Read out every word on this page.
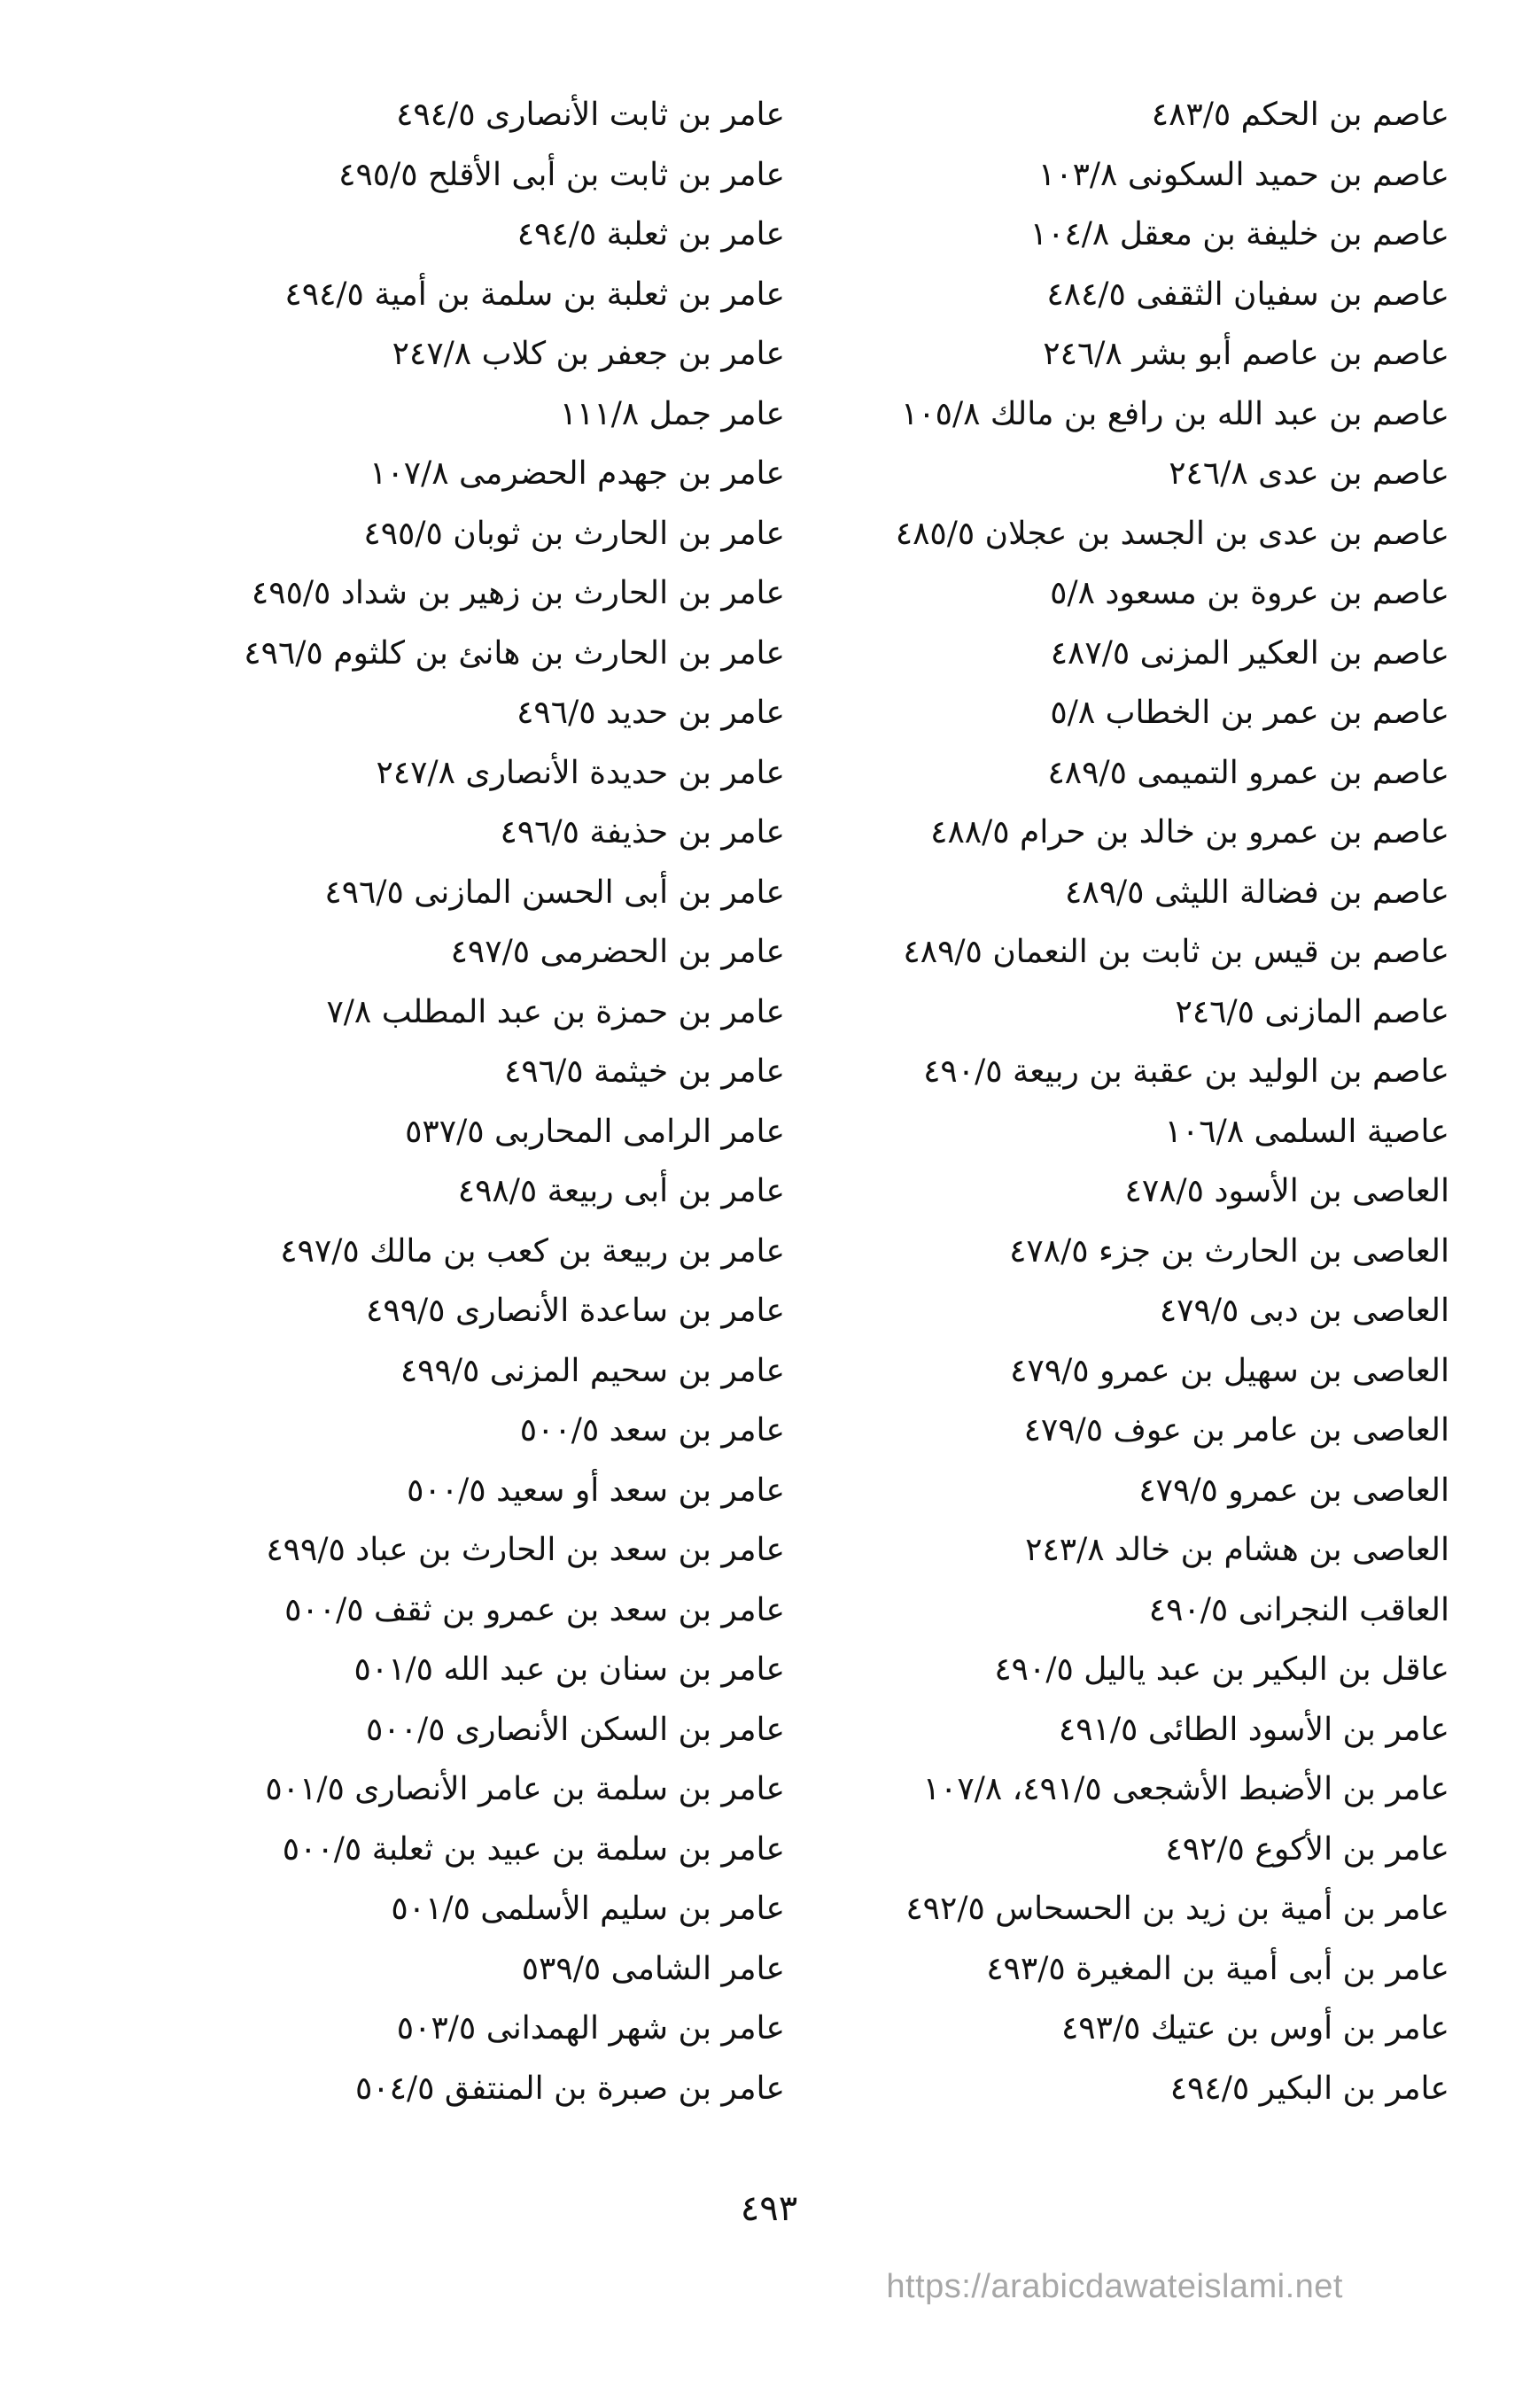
عاصم بن الحكم ٤٨٣/٥
عاصم بن حميد السكونى ١٠٣/٨
عاصم بن خليفة بن معقل ١٠٤/٨
عاصم بن سفيان الثقفى ٤٨٤/٥
عاصم بن عاصم أبو بشر ٢٤٦/٨
عاصم بن عبد الله بن رافع بن مالك ١٠٥/٨
عاصم بن عدى ٢٤٦/٨
عاصم بن عدى بن الجسد بن عجلان ٤٨٥/٥
عاصم بن عروة بن مسعود ٥/٨
عاصم بن العكير المزنى ٤٨٧/٥
عاصم بن عمر بن الخطاب ٥/٨
عاصم بن عمرو التميمى ٤٨٩/٥
عاصم بن عمرو بن خالد بن حرام ٤٨٨/٥
عاصم بن فضالة الليثى ٤٨٩/٥
عاصم بن قيس بن ثابت بن النعمان ٤٨٩/٥
عاصم المازنى ٢٤٦/٥
عاصم بن الوليد بن عقبة بن ربيعة ٤٩٠/٥
عاصية السلمى ١٠٦/٨
العاصى بن الأسود ٤٧٨/٥
العاصى بن الحارث بن جزء ٤٧٨/٥
العاصى بن دبى ٤٧٩/٥
العاصى بن سهيل بن عمرو ٤٧٩/٥
العاصى بن عامر بن عوف ٤٧٩/٥
العاصى بن عمرو ٤٧٩/٥
العاصى بن هشام بن خالد ٢٤٣/٨
العاقب النجرانى ٤٩٠/٥
عاقل بن البكير بن عبد ياليل ٤٩٠/٥
عامر بن الأسود الطائى ٤٩١/٥
عامر بن الأضبط الأشجعى ٤٩١/٥، ١٠٧/٨
عامر بن الأكوع ٤٩٢/٥
عامر بن أمية بن زيد بن الحسحاس ٤٩٢/٥
عامر بن أبى أمية بن المغيرة ٤٩٣/٥
عامر بن أوس بن عتيك ٤٩٣/٥
عامر بن البكير ٤٩٤/٥
عامر بن ثابت الأنصارى ٤٩٤/٥
عامر بن ثابت بن أبى الأقلح ٤٩٥/٥
عامر بن ثعلبة ٤٩٤/٥
عامر بن ثعلبة بن سلمة بن أمية ٤٩٤/٥
عامر بن جعفر بن كلاب ٢٤٧/٨
عامر جمل ١١١/٨
عامر بن جهدم الحضرمى ١٠٧/٨
عامر بن الحارث بن ثوبان ٤٩٥/٥
عامر بن الحارث بن زهير بن شداد ٤٩٥/٥
عامر بن الحارث بن هانئ بن كلثوم ٤٩٦/٥
عامر بن حديد ٤٩٦/٥
عامر بن حديدة الأنصارى ٢٤٧/٨
عامر بن حذيفة ٤٩٦/٥
عامر بن أبى الحسن المازنى ٤٩٦/٥
عامر بن الحضرمى ٤٩٧/٥
عامر بن حمزة بن عبد المطلب ٧/٨
عامر بن خيثمة ٤٩٦/٥
عامر الرامى المحاربى ٥٣٧/٥
عامر بن أبى ربيعة ٤٩٨/٥
عامر بن ربيعة بن كعب بن مالك ٤٩٧/٥
عامر بن ساعدة الأنصارى ٤٩٩/٥
عامر بن سحيم المزنى ٤٩٩/٥
عامر بن سعد ٥٠٠/٥
عامر بن سعد أو سعيد ٥٠٠/٥
عامر بن سعد بن الحارث بن عباد ٤٩٩/٥
عامر بن سعد بن عمرو بن ثقف ٥٠٠/٥
عامر بن سنان بن عبد الله ٥٠١/٥
عامر بن السكن الأنصارى ٥٠٠/٥
عامر بن سلمة بن عامر الأنصارى ٥٠١/٥
عامر بن سلمة بن عبيد بن ثعلبة ٥٠٠/٥
عامر بن سليم الأسلمى ٥٠١/٥
عامر الشامى ٥٣٩/٥
عامر بن شهر الهمدانى ٥٠٣/٥
عامر بن صبرة بن المنتفق ٥٠٤/٥
٤٩٣
https://arabicdawateislami.net
